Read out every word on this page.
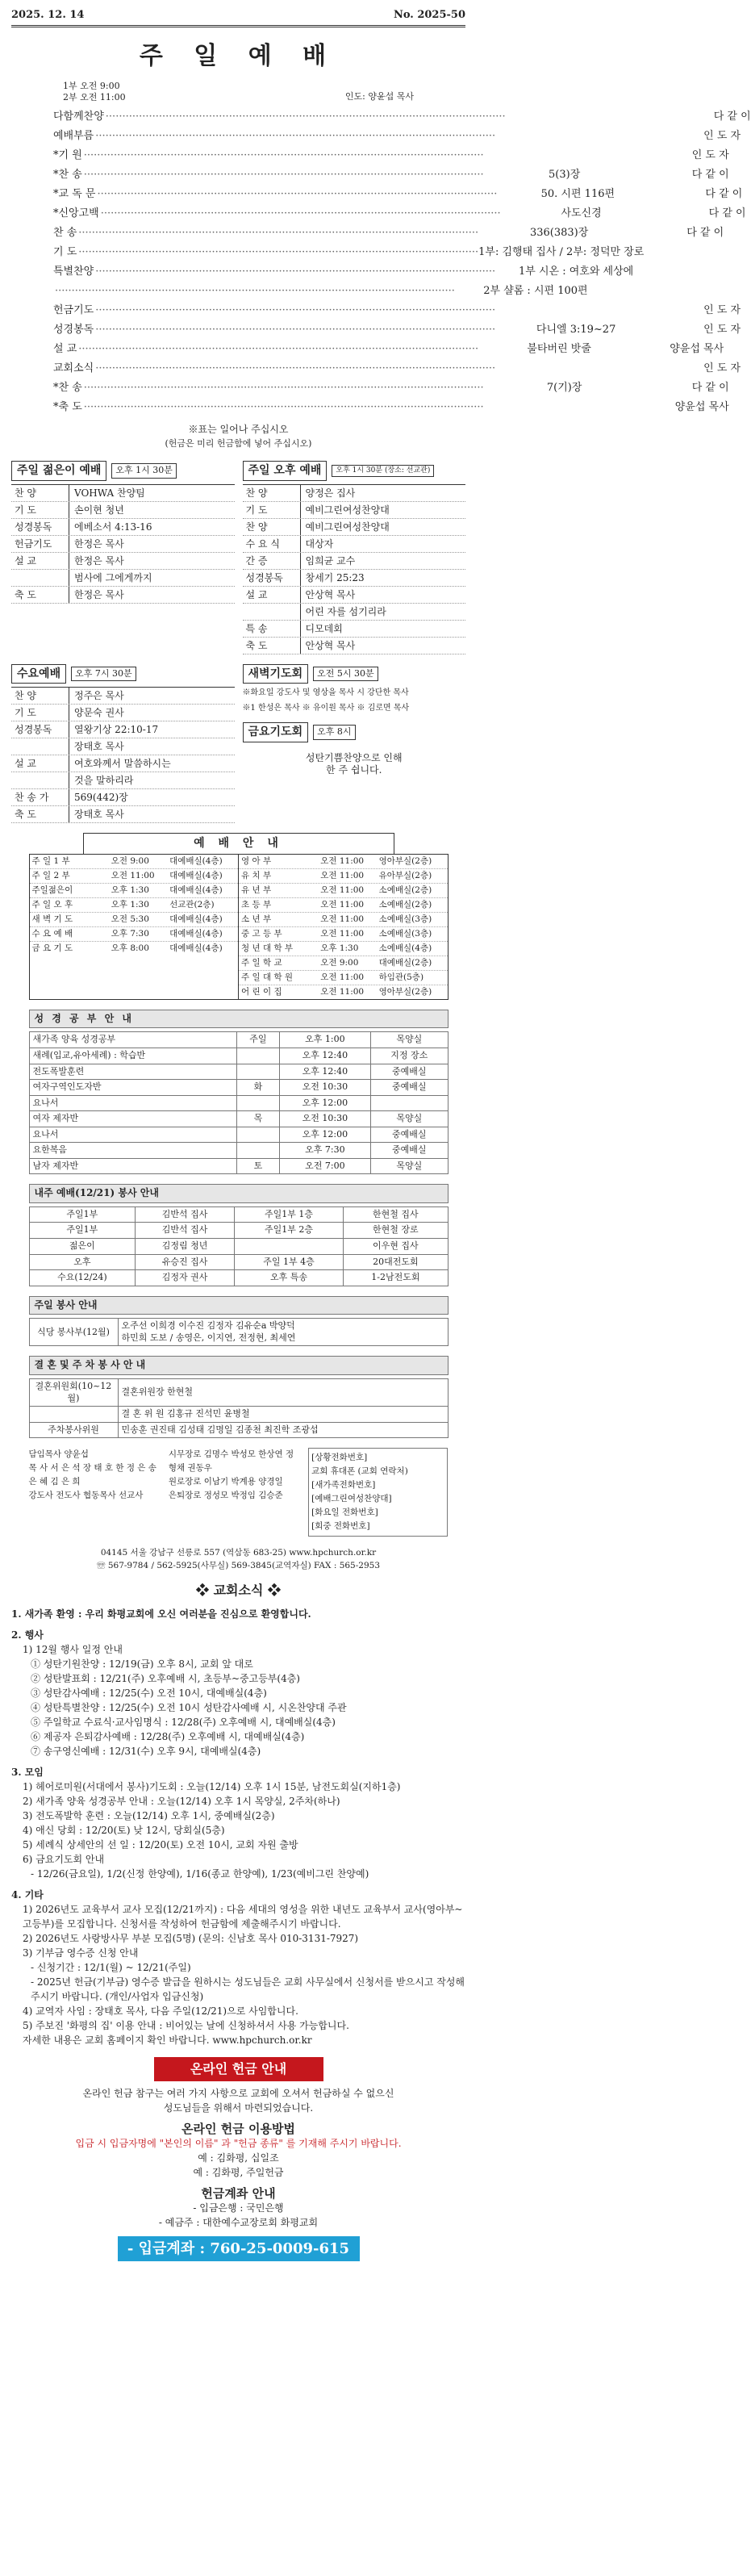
2025. 12. 14	No. 2025-50
주 일 예 배
1부 오전 9:00
2부 오전 11:00	인도: 양윤섭 목사
다함께찬양 ························································································································	다 같 이
예배부름 ························································································································	인 도 자
*기 원 ························································································································	인 도 자
*찬 송 ························································································································	5(3)장	다 같 이
*교 독 문 ························································································································	50. 시편 116편	다 같 이
*신앙고백 ························································································································	사도신경	다 같 이
찬 송 ························································································································	336(383)장	다 같 이
기 도 ························································································································ 1부: 김행태 집사 / 2부: 정덕만 장로
특별찬양 ························································································································	1부 시온 : 여호와 세상에
························································································································	2부 샬롬 : 시편 100편
헌금기도 ························································································································	인 도 자
성경봉독 ························································································································	다니엘 3:19~27	인 도 자
설 교 ························································································································	불타버린 밧줄	양윤섭 목사
교회소식 ························································································································	인 도 자
*찬 송 ························································································································	7(기)장	다 같 이
*축 도 ························································································································	양윤섭 목사
※표는 일어나 주십시오
(헌금은 미리 헌금함에 넣어 주십시오)
주일 젊은이 예배	오후 1시 30분
찬 양	VOHWA 찬양팀
기 도	손이현 청년
성경봉독	에베소서 4:13-16
헌금기도	한정은 목사
설 교	한정은 목사
범사에 그에게까지
축 도	한정은 목사
주일 오후 예배	오후 1시 30분 (장소: 선교관)
찬 양	양정은 집사
기 도	예비그린여성찬양대
찬 양	예비그린여성찬양대
수 요 식	대상자
간 증	임희균 교수
성경봉독	창세기 25:23
설 교	안상혁 목사
어린 자를 섬기리라
특 송	디모데회
축 도	안상혁 목사
수요예배	오후 7시 30분
찬 양	정주은 목사
기 도	양문숙 권사
성경봉독	열왕기상 22:10-17
장태호 목사
설 교	여호와께서 말씀하시는
것을 말하리라
찬 송 가	569(442)장
축 도	장태호 목사
새벽기도회	오전 5시 30분
※화요일 강도사 및 영상을 목사 시 강단한 목사
※1 한성은 목사 ※ 유이원 목사 ※ 김로면 목사
금요기도회	오후 8시
성탄기쁨찬양으로 인해
한 주 쉽니다.
예 배 안 내
주 일 1 부	오전 9:00	대예배실(4층)
주 일 2 부	오전 11:00	대예배실(4층)
주일젊은이	오후 1:30	대예배실(4층)
주 일 오 후	오후 1:30	선교관(2층)
새 벽 기 도	오전 5:30	대예배실(4층)
수 요 예 배	오후 7:30	대예배실(4층)
금 요 기 도	오후 8:00	대예배실(4층)
영 아 부	오전 11:00	영아부실(2층)
유 치 부	오전 11:00	유아부실(2층)
유 년 부	오전 11:00	소예배실(2층)
초 등 부	오전 11:00	소예배실(2층)
소 년 부	오전 11:00	소예배실(3층)
중 고 등 부	오전 11:00	소예배실(3층)
청 년 대 학 부	오후 1:30	소예배실(4층)
주 일 학 교	오전 9:00	대예배실(2층)
주 일 대 학 원	오전 11:00	하임관(5층)
어 린 이 집	오전 11:00	영아부실(2층)
성 경 공 부 안 내
새가족 양육 성경공부	주일	오후 1:00	목양실
새례(입교,유아세례) : 학습반		오후 12:40	지정 장소
전도폭발훈련		오후 12:40	중예배실
여자구역인도자반	화	오전 10:30	중예배실
요나서		오후 12:00	
여자 제자반	목	오전 10:30	목양실
요나서		오후 12:00	중예배실
요한복음		오후 7:30	중예배실
남자 제자반	토	오전 7:00	목양실
내주 예배(12/21) 봉사 안내
주일1부	김반석 집사	주일1부 1층	한현철 집사
주일1부	김반석 집사	주일1부 2층	한현철 장로
젊은이	김정림 청년		이우현 집사
오후	유승진 집사	주일 1부 4층	20대전도회
수요(12/24)	김정자 권사	오후 특송	1-2남전도회
주일 봉사 안내
식당 봉사부(12월)	
오주선 이희경 이수진 김정자 김유순a 박양덕
하민희 도보 / 송영은, 이지연, 전정현, 최세연
결 혼 및 주 차 봉 사 안 내
결혼위원회(10~12월)	결혼위원장 한현철
	결 혼 위 원 김홍규 진석민 윤병철
주차봉사위원	민송훈 권진태 김성태 김명일 김종천 최진학 조광섭
담임목사 양윤섭
목 사 서 은 석 장 태 호 한 정 은 송 은 혜 김 은 희
강도사 전도사 협동목사 선교사
시무장로 김명수 박성모 한상연 정형채 권동우
원로장로 이남기 박계용 양경일
은퇴장로 정성모 박정임 김승준
[상황전화번호]
교회 휴대폰 (교회 연락처)
[새가족전화번호]
[예배그린여성찬양대]
[화요일 전화번호]
[회중 전화번호]
04145 서울 강남구 선릉로 557 (역삼동 683-25) www.hpchurch.or.kr
☏ 567-9784 / 562-5925(사무실) 569-3845(교역자실) FAX : 565-2953
❖ 교회소식 ❖
1. 새가족 환영 : 우리 화평교회에 오신 여러분을 진심으로 환영합니다.
2. 행사
1) 12월 행사 일정 안내
① 성탄기원찬양 : 12/19(금) 오후 8시, 교회 앞 대로
② 성탄발표회 : 12/21(주) 오후예배 시, 초등부~중고등부(4층)
③ 성탄감사예배 : 12/25(수) 오전 10시, 대예배실(4층)
④ 성탄특별찬양 : 12/25(수) 오전 10시 성탄감사예배 시, 시온찬양대 주관
⑤ 주일학교 수료식·교사임명식 : 12/28(주) 오후예배 시, 대예배실(4층)
⑥ 제공자 은퇴감사예배 : 12/28(주) 오후예배 시, 대예배실(4층)
⑦ 송구영신예배 : 12/31(수) 오후 9시, 대예배실(4층)
3. 모임
1) 헤어로미원(서대에서 봉사)기도회 : 오늘(12/14) 오후 1시 15분, 남전도회실(지하1층)
2) 새가족 양육 성경공부 안내 : 오늘(12/14) 오후 1시 목양실, 2주차(하나)
3) 전도폭발학 훈련 : 오늘(12/14) 오후 1시, 중예배실(2층)
4) 애신 당회 : 12/20(토) 낮 12시, 당회실(5층)
5) 세례식 상세안의 선 일 : 12/20(토) 오전 10시, 교회 자원 출방
6) 금요기도회 안내
- 12/26(금요일), 1/2(신정 한양예), 1/16(종교 한양예), 1/23(예비그린 찬양예)
4. 기타
1) 2026년도 교육부서 교사 모집(12/21까지) : 다음 세대의 영성을 위한 내년도 교육부서 교사(영아부~고등부)를 모집합니다. 신청서를 작성하여 헌금함에 제출해주시기 바랍니다.
2) 2026년도 사랑방사무 부분 모집(5명) (문의: 신남호 목사 010-3131-7927)
3) 기부금 영수증 신청 안내
- 신청기간 : 12/1(월) ~ 12/21(주일)
- 2025년 헌금(기부금) 영수증 발급을 원하시는 성도님들은 교회 사무실에서 신청서를 받으시고 작성해 주시기 바랍니다. (개인/사업자 입금신청)
4) 교역자 사임 : 장태호 목사, 다음 주일(12/21)으로 사임합니다.
5) 주보진 '화평의 집' 이용 안내 : 비어있는 날에 신청하셔서 사용 가능합니다.
자세한 내용은 교회 홈페이지 확인 바랍니다. www.hpchurch.or.kr
온라인 헌금 안내
온라인 헌금 참구는 여러 가지 사항으로 교회에 오셔서 헌금하실 수 없으신
성도님들을 위해서 마련되었습니다.
온라인 헌금 이용방법
입금 시 입금자명에 "본인의 이름" 과 "헌금 종류" 를 기재해 주시기 바랍니다.
예 : 김화평, 십일조
예 : 김화평, 주일헌금
헌금계좌 안내
- 입금은행 : 국민은행
- 예금주 : 대한예수교장로회 화평교회
- 입금계좌 : 760-25-0009-615
